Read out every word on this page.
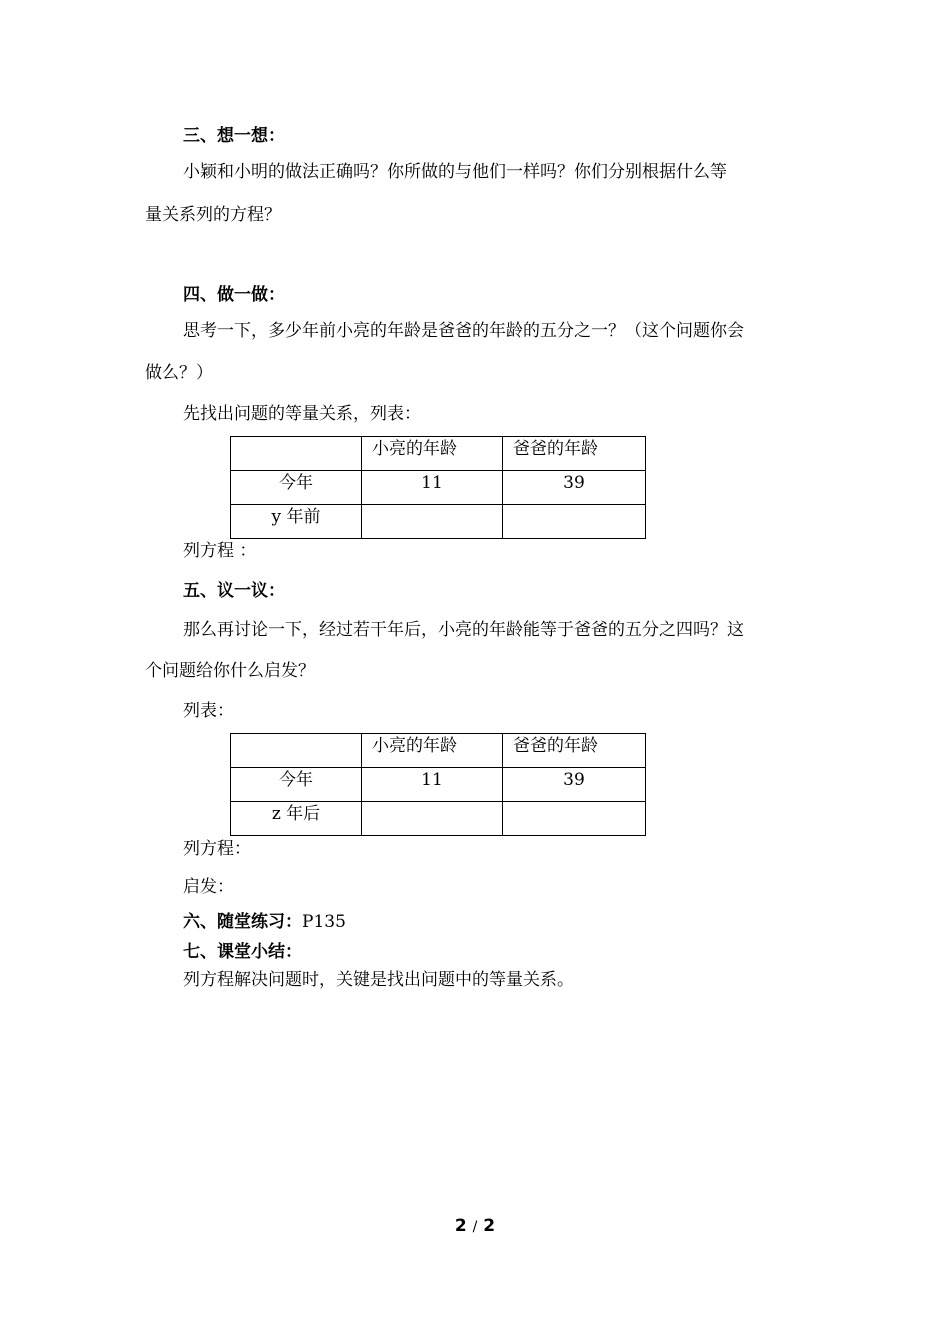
三、想一想：
小颖和小明的做法正确吗？你所做的与他们一样吗？你们分别根据什么等
量关系列的方程？
四、做一做：
思考一下，多少年前小亮的年龄是爸爸的年龄的五分之一？（这个问题你会
做么？）
先找出问题的等量关系，列表：
	小亮的年龄	爸爸的年龄
今年	11	39
y 年前		
列方程 ：
五、议一议：
那么再讨论一下，经过若干年后，小亮的年龄能等于爸爸的五分之四吗？这
个问题给你什么启发？
列表：
	小亮的年龄	爸爸的年龄
今年	11	39
z 年后		
列方程：
启发：
六、随堂练习：P135
七、课堂小结：
列方程解决问题时，关键是找出问题中的等量关系。
2 / 2
